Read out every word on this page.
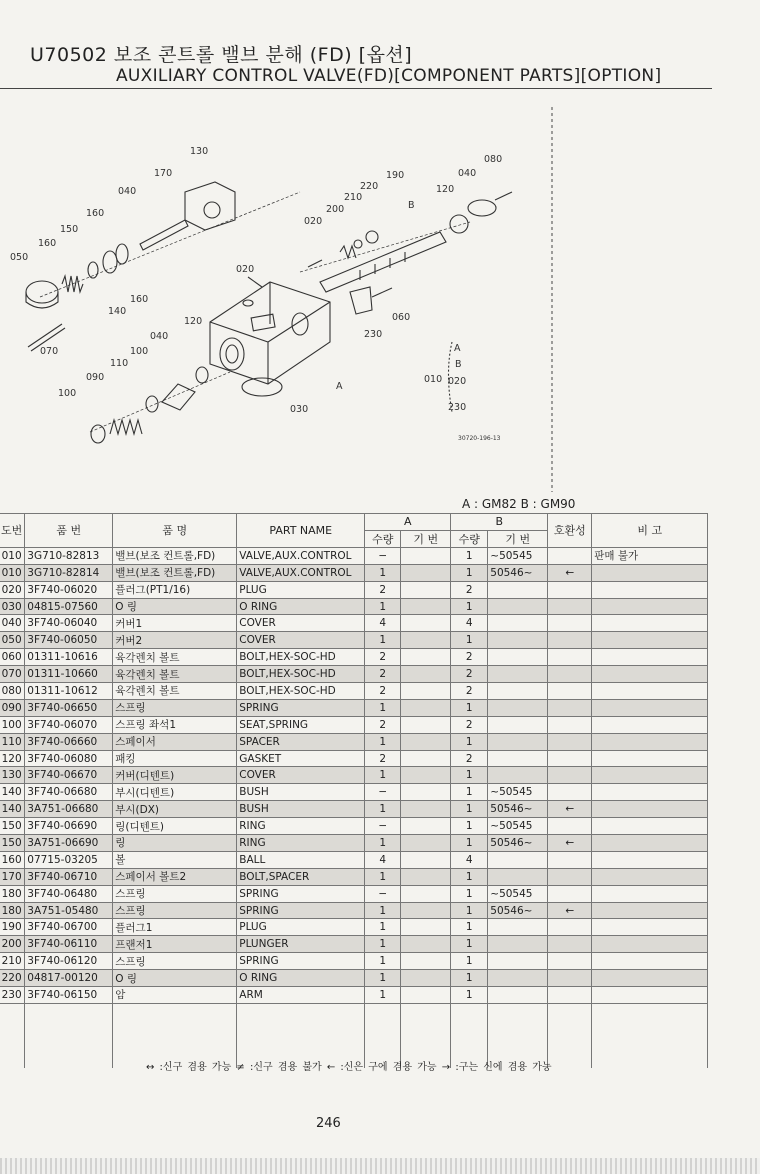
U70502 보조 콘트롤 밸브 분해 (FD) [옵션]
AUXILIARY CONTROL VALVE(FD)[COMPONENT PARTS][OPTION]
130
170
040
160
150
160
050
140
160
070
120
040
100
110
090
100
030
020
020
200
210
220
190
080
040
120
B
060
230
A
010
A
B
020
230
30720-196-13
A : GM82 B : GM90
도번	품 번	품 명	PART NAME	A		B		호환성	비 고
				수량	기 번	수량	기 번		
010	3G710-82813	밸브(보조 컨트롤,FD)	VALVE,AUX.CONTROL	−		1	~50545		판매 불가
010	3G710-82814	밸브(보조 컨트롤,FD)	VALVE,AUX.CONTROL	1		1	50546~	←	
020	3F740-06020	플러그(PT1/16)	PLUG	2		2			
030	04815-07560	O 링	O RING	1		1			
040	3F740-06040	커버1	COVER	4		4			
050	3F740-06050	커버2	COVER	1		1			
060	01311-10616	육각렌치 볼트	BOLT,HEX-SOC-HD	2		2			
070	01311-10660	육각렌치 볼트	BOLT,HEX-SOC-HD	2		2			
080	01311-10612	육각렌치 볼트	BOLT,HEX-SOC-HD	2		2			
090	3F740-06650	스프링	SPRING	1		1			
100	3F740-06070	스프링 좌석1	SEAT,SPRING	2		2			
110	3F740-06660	스페이서	SPACER	1		1			
120	3F740-06080	패킹	GASKET	2		2			
130	3F740-06670	커버(디텐트)	COVER	1		1			
140	3F740-06680	부시(디텐트)	BUSH	−		1	~50545		
140	3A751-06680	부시(DX)	BUSH	1		1	50546~	←	
150	3F740-06690	링(디텐트)	RING	−		1	~50545		
150	3A751-06690	링	RING	1		1	50546~	←	
160	07715-03205	볼	BALL	4		4			
170	3F740-06710	스페이서 볼트2	BOLT,SPACER	1		1			
180	3F740-06480	스프링	SPRING	−		1	~50545		
180	3A751-05480	스프링	SPRING	1		1	50546~	←	
190	3F740-06700	플러그1	PLUG	1		1			
200	3F740-06110	프랜저1	PLUNGER	1		1			
210	3F740-06120	스프링	SPRING	1		1			
220	04817-00120	O 링	O RING	1		1			
230	3F740-06150	암	ARM	1		1			

↔ :신구 겸용 가능 ≠ :신구 겸용 불가 ← :신은 구에 겸용 가능 → :구는 신에 겸용 가능
246
